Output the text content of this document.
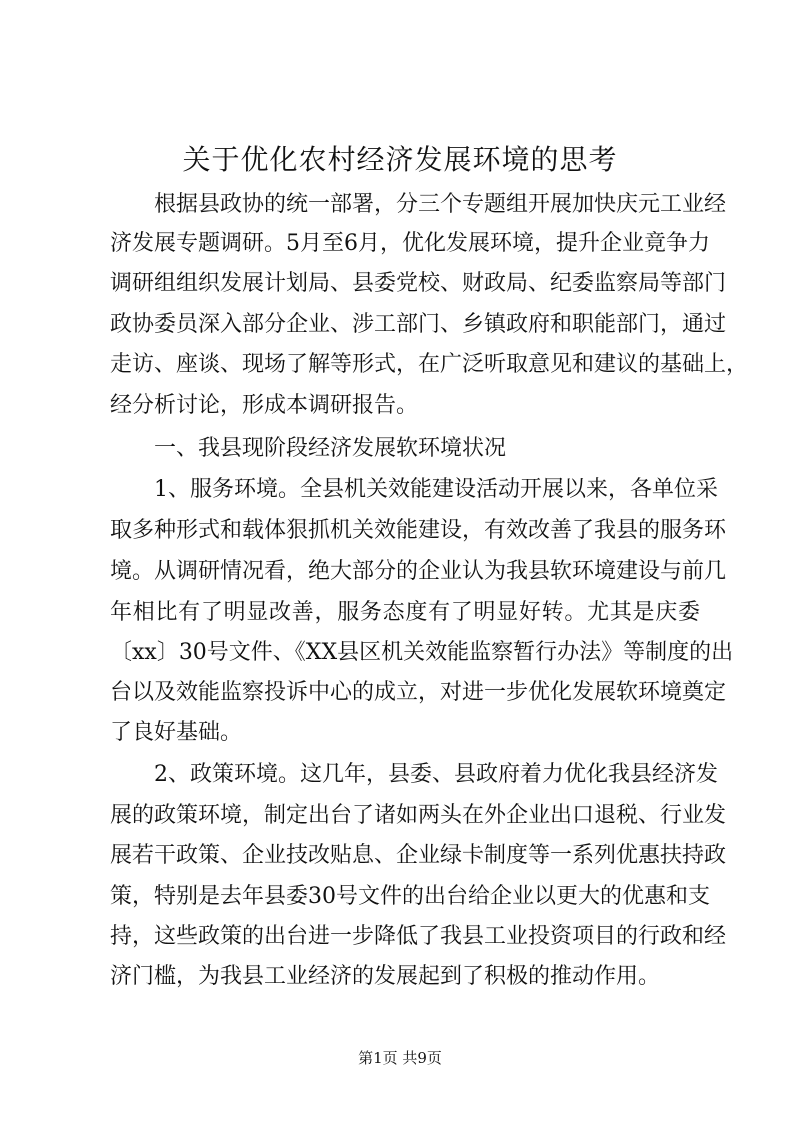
关于优化农村经济发展环境的思考
　　根据县政协的统一部署，分三个专题组开展加快庆元工业经
济发展专题调研。5月至6月，优化发展环境，提升企业竟争力
调研组组织发展计划局、县委党校、财政局、纪委监察局等部门
政协委员深入部分企业、涉工部门、乡镇政府和职能部门，通过
走访、座谈、现场了解等形式，在广泛听取意见和建议的基础上，
经分析讨论，形成本调研报告。
　　一、我县现阶段经济发展软环境状况
　　1、服务环境。全县机关效能建设活动开展以来，各单位采
取多种形式和载体狠抓机关效能建设，有效改善了我县的服务环
境。从调研情况看，绝大部分的企业认为我县软环境建设与前几
年相比有了明显改善，服务态度有了明显好转。尤其是庆委
〔xx〕30号文件、《XX县区机关效能监察暂行办法》等制度的出
台以及效能监察投诉中心的成立，对进一步优化发展软环境奠定
了良好基础。
　　2、政策环境。这几年，县委、县政府着力优化我县经济发
展的政策环境，制定出台了诸如两头在外企业出口退税、行业发
展若干政策、企业技改贴息、企业绿卡制度等一系列优惠扶持政
策，特别是去年县委30号文件的出台给企业以更大的优惠和支
持，这些政策的出台进一步降低了我县工业投资项目的行政和经
济门槛，为我县工业经济的发展起到了积极的推动作用。
第1页 共9页
